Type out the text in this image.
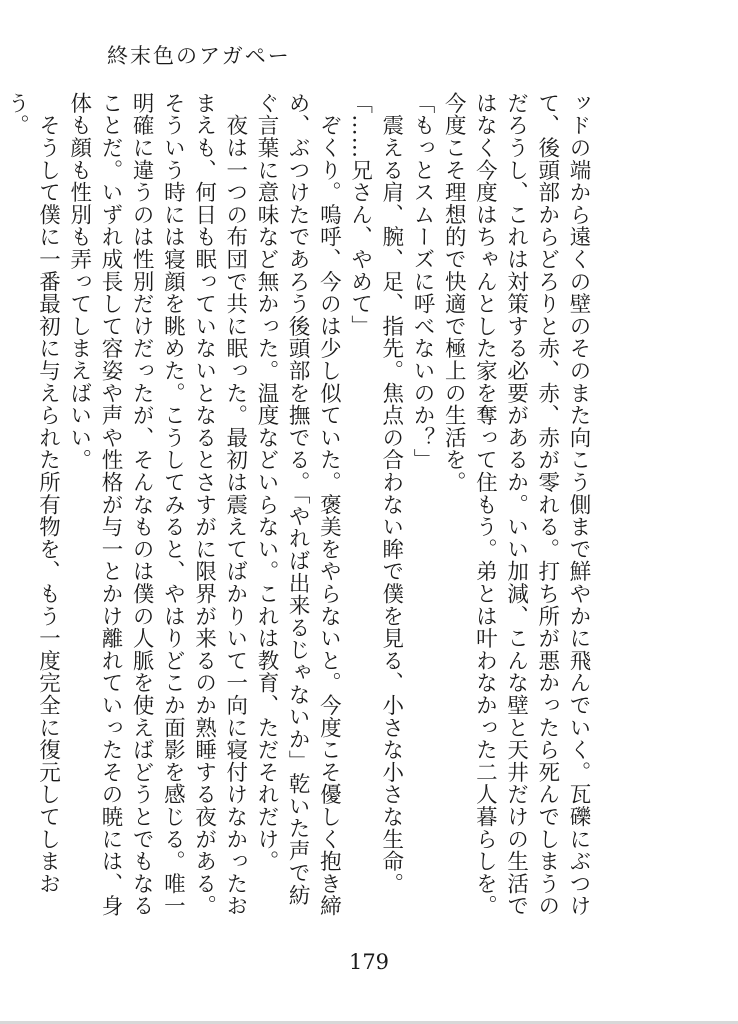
終末色のアガペー

ッドの端から遠くの壁のそのまた向こう側まで鮮やかに飛んでいく。瓦礫にぶつけて、後頭部からどろりと赤、赤、赤が零れる。打ち所が悪かったら死んでしまうのだろうし、これは対策する必要があるか。いい加減、こんな壁と天井だけの生活ではなく今度はちゃんとした家を奪って住もう。弟とは叶わなかった二人暮らしを。今度こそ理想的で快適で極上の生活を。

「もっとスムーズに呼べないのか？」

　震える肩、腕、足、指先。焦点の合わない眸で僕を見る、小さな小さな生命。

「……兄さん、やめて」

　ぞくり。嗚呼、今のは少し似ていた。褒美をやらないと。今度こそ優しく抱き締め、ぶつけたであろう後頭部を撫でる。「やれば出来るじゃないか」乾いた声で紡ぐ言葉に意味など無かった。温度などいらない。これは教育、ただそれだけ。

　夜は一つの布団で共に眠った。最初は震えてばかりいて一向に寝付けなかったおまえも、何日も眠っていないとなるとさすがに限界が来るのか熟睡する夜がある。そういう時には寝顔を眺めた。こうしてみると、やはりどこか面影を感じる。唯一明確に違うのは性別だけだったが、そんなものは僕の人脈を使えばどうとでもなることだ。いずれ成長して容姿や声や性格が与一とかけ離れていったその暁には、身体も顔も性別も弄ってしまえばいい。

　そうして僕に一番最初に与えられた所有物を、もう一度完全に復元してしまおう。

179
